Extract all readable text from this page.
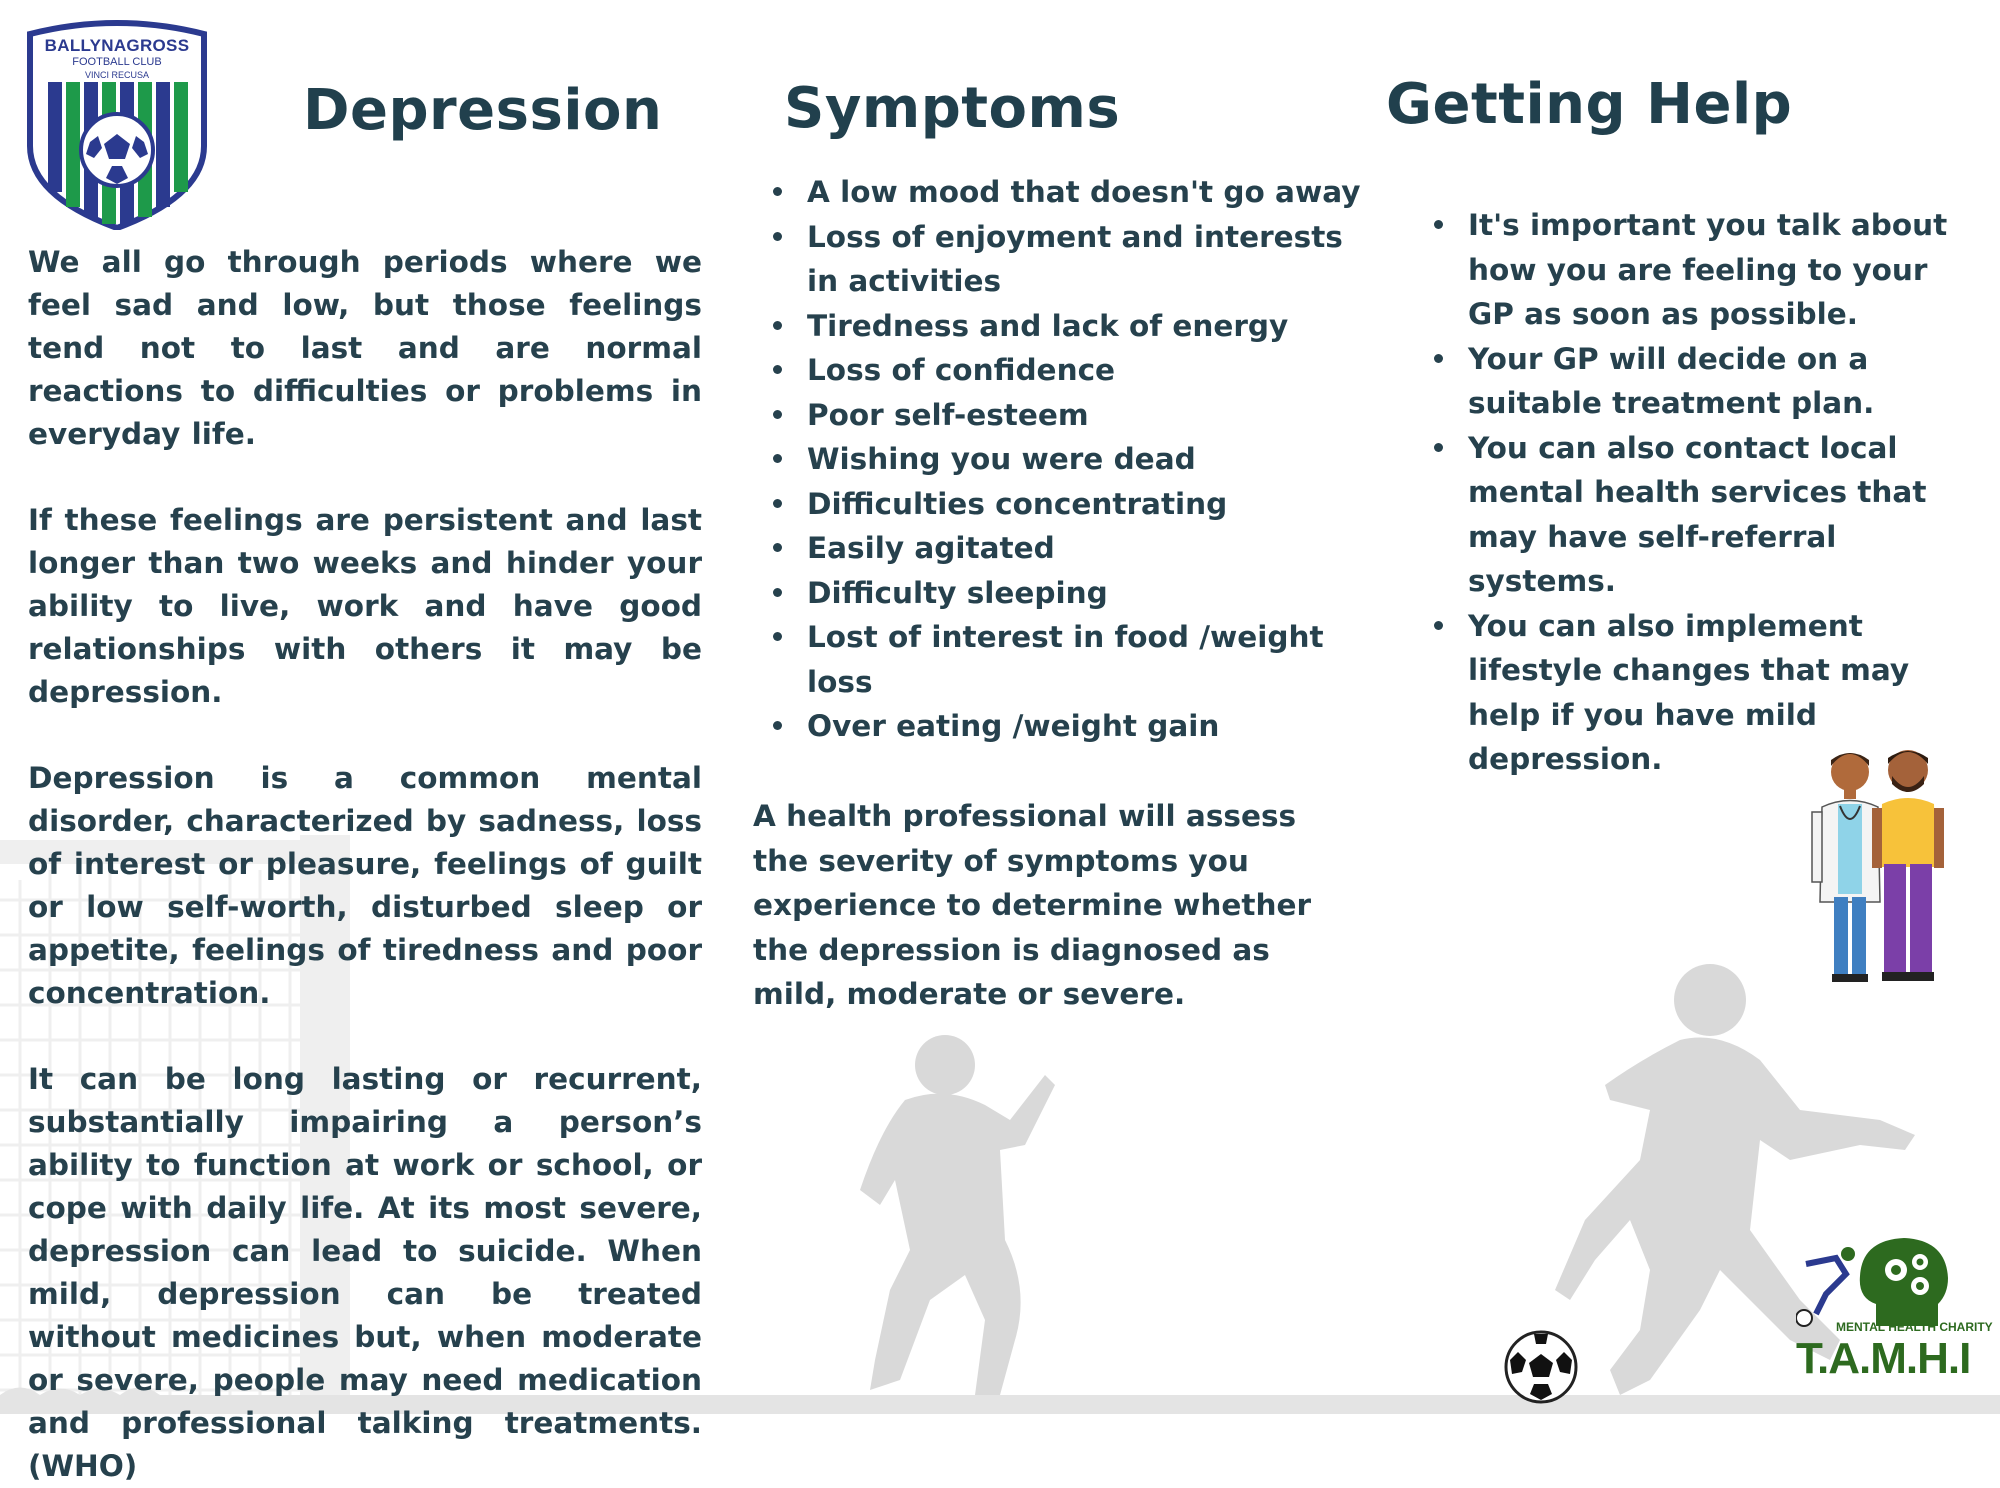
BALLYNAGROSS
FOOTBALL CLUB
VINCI RECUSA
Depression

We all go through periods where we feel sad and low, but those feelings tend not to last and are normal reactions to difficulties or problems in everyday life.

If these feelings are persistent and last longer than two weeks and hinder your ability to live, work and have good relationships with others it may be depression.

Depression is a common mental disorder, characterized by sadness, loss of interest or pleasure, feelings of guilt or low self-worth, disturbed sleep or appetite, feelings of tiredness and poor concentration.

It can be long lasting or recurrent, substantially impairing a person’s ability to function at work or school, or cope with daily life. At its most severe, depression can lead to suicide. When mild, depression can be treated without medicines but, when moderate or severe, people may need medication and professional talking treatments. (WHO)

Symptoms
A low mood that doesn't go away
Loss of enjoyment and interests in activities
Tiredness and lack of energy
Loss of confidence
Poor self-esteem
Wishing you were dead
Difficulties concentrating
Easily agitated
Difficulty sleeping
Lost of interest in food /weight loss
Over eating /weight gain
A health professional will assess the severity of symptoms you experience to determine whether the depression is diagnosed as mild, moderate or severe.
Getting Help
It's important you talk about how you are feeling to your GP as soon as possible.
Your GP will decide on a suitable treatment plan.
You can also contact local mental health services that may have self-referral systems.
You can also implement lifestyle changes that may help if you have mild depression.
MENTAL HEALTH CHARITY
T.A.M.H.I
